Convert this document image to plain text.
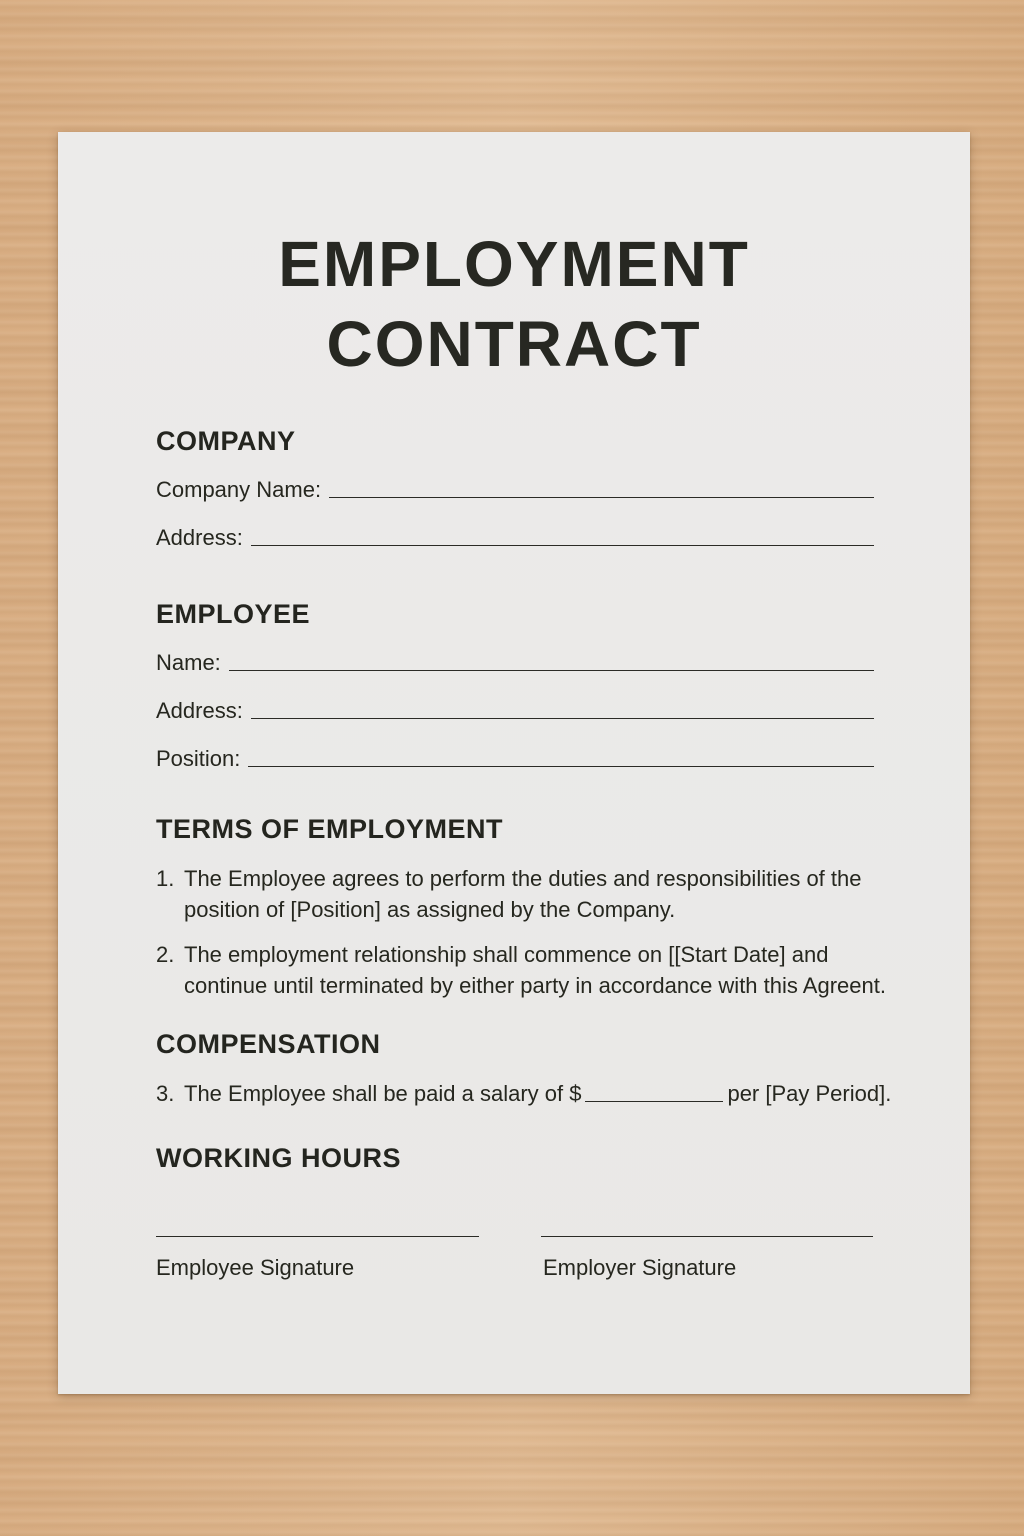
EMPLOYMENT
CONTRACT
COMPANY
Company Name:
Address:
EMPLOYEE
Name:
Address:
Position:
TERMS OF EMPLOYMENT
1. The Employee agrees to perform the duties and responsibilities of the position of [Position] as assigned by the Company.
2. The employment relationship shall commence on [[Start Date] and continue until terminated by either party in accordance with this Agreent.
COMPENSATION
3. The Employee shall be paid a salary of $	per [Pay Period].
WORKING HOURS
Employee Signature	Employer Signature
